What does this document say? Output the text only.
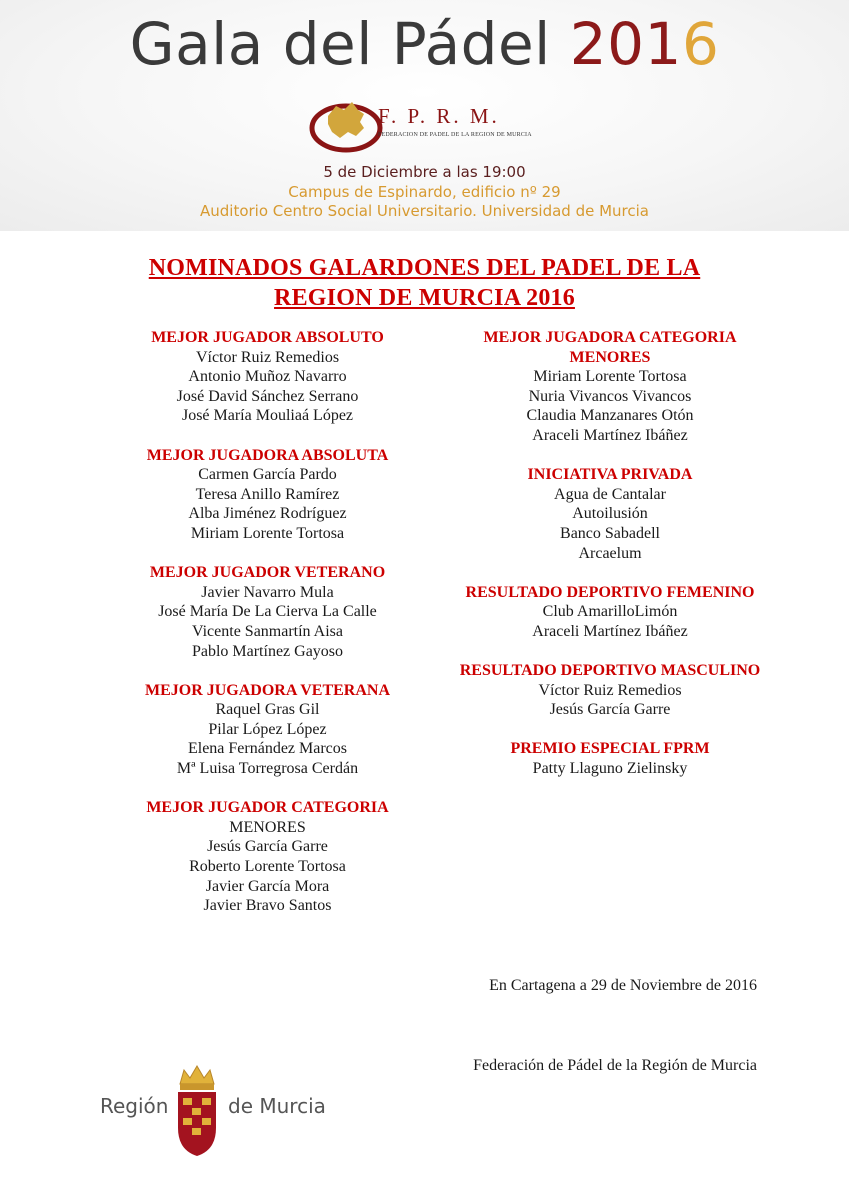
Gala del Pádel 2016
F. P. R. M.
FEDERACION DE PADEL DE LA REGION DE MURCIA
5 de Diciembre a las 19:00
Campus de Espinardo, edificio nº 29
Auditorio Centro Social Universitario. Universidad de Murcia
NOMINADOS GALARDONES DEL PADEL DE LA REGION DE MURCIA 2016
MEJOR JUGADOR ABSOLUTO
Víctor Ruiz Remedios
Antonio Muñoz Navarro
José David Sánchez Serrano
José María Mouliaá López
MEJOR JUGADORA ABSOLUTA
Carmen García Pardo
Teresa Anillo Ramírez
Alba Jiménez Rodríguez
Miriam Lorente Tortosa
MEJOR JUGADOR VETERANO
Javier Navarro Mula
José María De La Cierva La Calle
Vicente Sanmartín Aisa
Pablo Martínez Gayoso
MEJOR JUGADORA VETERANA
Raquel Gras Gil
Pilar López López
Elena Fernández Marcos
Mª Luisa Torregrosa Cerdán
MEJOR JUGADOR CATEGORIA
MENORES
Jesús García Garre
Roberto Lorente Tortosa
Javier García Mora
Javier Bravo Santos
MEJOR JUGADORA CATEGORIA MENORES
Miriam Lorente Tortosa
Nuria Vivancos Vivancos
Claudia Manzanares Otón
Araceli Martínez Ibáñez
INICIATIVA PRIVADA
Agua de Cantalar
Autoilusión
Banco Sabadell
Arcaelum
RESULTADO DEPORTIVO FEMENINO
Club AmarilloLimón
Araceli Martínez Ibáñez
RESULTADO DEPORTIVO MASCULINO
Víctor Ruiz Remedios
Jesús García Garre
PREMIO ESPECIAL FPRM
Patty Llaguno Zielinsky
En Cartagena a 29 de Noviembre de 2016
Federación de Pádel de la Región de Murcia
Región	de Murcia
